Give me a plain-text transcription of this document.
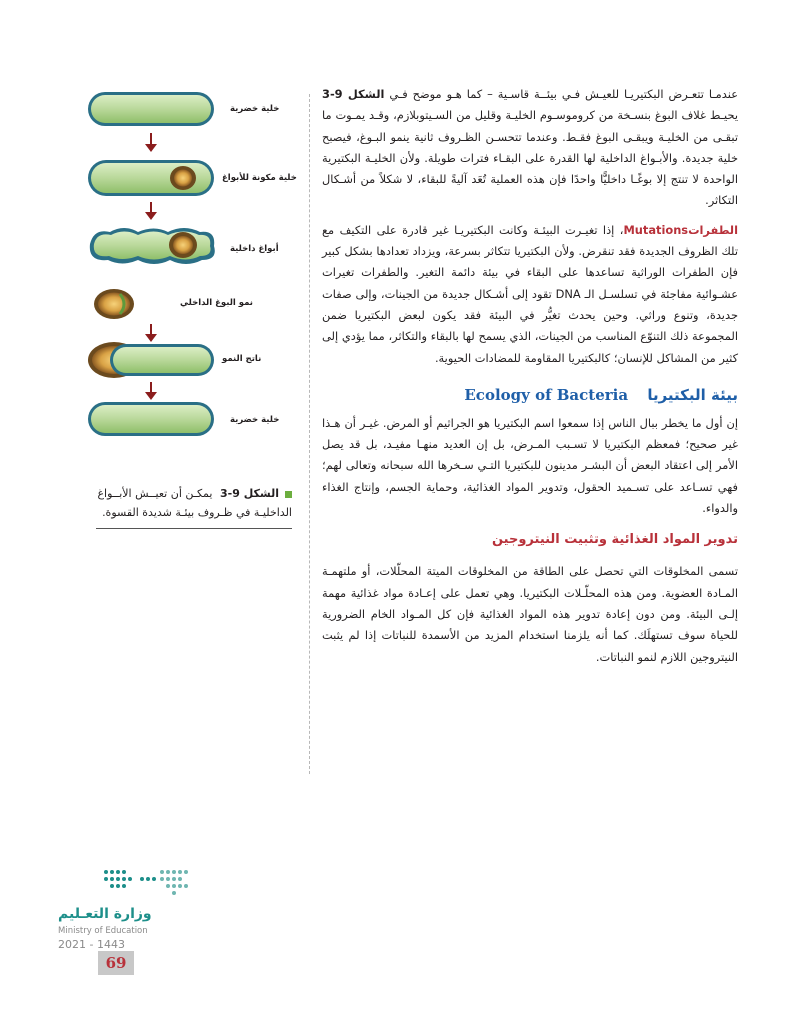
خلية خضرية
خلية مكونة للأبواغ
أبواغ داخلية
نمو البوغ الداخلي
ناتج النمو
خلية خضرية
الشكل 9-3 يمكـن أن تعيــش الأبــواغ الداخليـة في ظـروف بيئـة شديدة القسوة.

عندمـا تتعـرض البكتيريـا للعيـش فـي بيئــة قاسـية – كما هـو موضح فـي الشكل 9-3 يحيـط غلاف البوغ بنسـخة من كروموسـوم الخليـة وقليل من السـيتوبلازم، وقـد يمـوت ما تبقـى من الخليـة ويبقـى البوغ فقـط. وعندما تتحسـن الظـروف ثانية ينمو البـوغ، فيصبح خلية جديدة. والأبـواغ الداخلية لها القدرة على البقـاء فترات طويلة. ولأن الخليـة البكتيرية الواحدة لا تنتج إلا بوغًـا داخليًّا واحدًا فإن هذه العملية تُعَد آليةً للبقاء، لا شكلاً من أشـكال التكاثر.

الطفراتMutations، إذا تغيـرت البيئـة وكانت البكتيريـا غير قادرة على التكيف مع تلك الظروف الجديدة فقد تنقرض. ولأن البكتيريا تتكاثر بسرعة، ويزداد تعدادها بشكل كبير فإن الطفرات الوراثية تساعدها على البقاء في بيئة دائمة التغير. والطفرات تغيرات عشـوائية مفاجئة في تسلسـل الـ DNA تقود إلى أشـكال جديدة من الجينات، وإلى صفات جديدة، وتنوع وراثي. وحين يحدث تغيُّر في البيئة فقد يكون لبعض البكتيريا ضمن المجموعة ذلك التنوّع المناسب من الجينات، الذي يسمح لها بالبقاء والتكاثر، مما يؤدي إلى كثير من المشاكل للإنسان؛ كالبكتيريا المقاومة للمضادات الحيوية.

بيئة البكتيريا Ecology of Bacteria

إن أول ما يخطر ببال الناس إذا سمعوا اسم البكتيريا هو الجراثيم أو المرض. غيـر أن هـذا غير صحيح؛ فمعظم البكتيريا لا تسـبب المـرض، بل إن العديد منهـا مفيـد، بل قد يصل الأمر إلى اعتقاد البعض أن البشـر مدينون للبكتيريا التـي سـخرها الله سبحانه وتعالى لهم؛ فهي تسـاعد على تسـميد الحقول، وتدوير المواد الغذائية، وحماية الجسم، وإنتاج الغذاء والدواء.

تدوير المواد الغذائية وتثبيت النيتروجين

تسمى المخلوقات التي تحصل على الطاقة من المخلوقات الميتة المحلّلات، أو ملتهمـة المـادة العضوية. ومن هذه المحلّـلات البكتيريا. وهي تعمل على إعـادة مواد غذائية مهمة إلـى البيئة. ومن دون إعادة تدوير هذه المواد الغذائية فإن كل المـواد الخام الضرورية للحياة سوف تستهلَك. كما أنه يلزمنا استخدام المزيد من الأسمدة للنباتات إذا لم يثبت النيتروجين اللازم لنمو النباتات.

وزارة التعـليم
Ministry of Education
2021 - 1443
69
